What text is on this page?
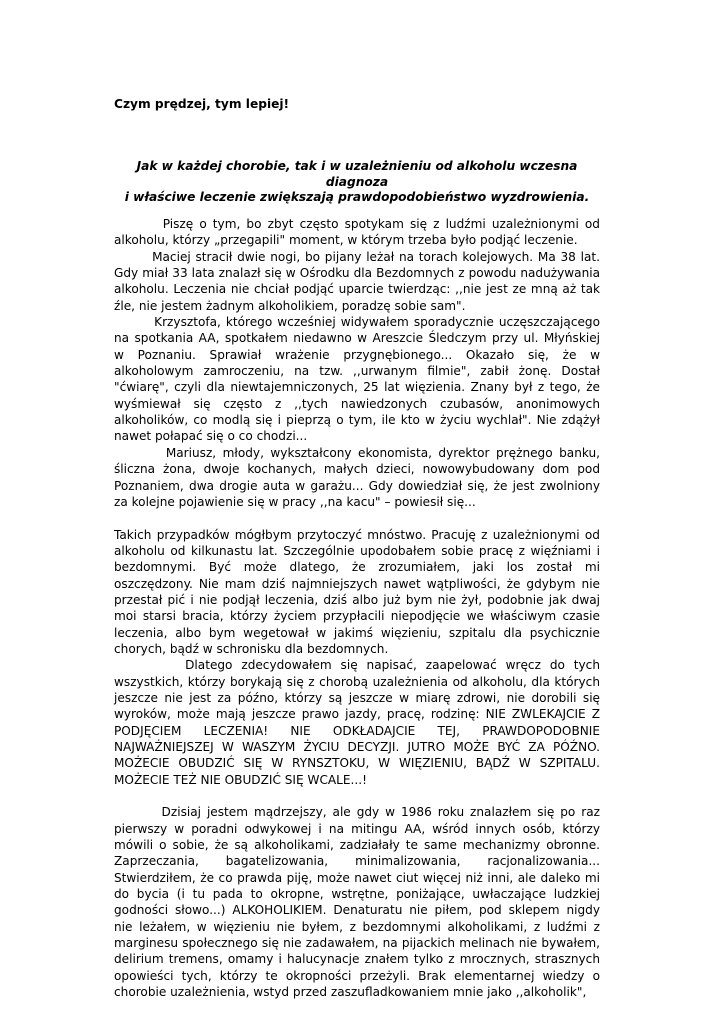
Czym prędzej, tym lepiej!
Jak w każdej chorobie, tak i w uzależnieniu od alkoholu wczesna
diagnoza
i właściwe leczenie zwiększają prawdopodobieństwo wyzdrowienia.
Piszę o tym, bo zbyt często spotykam się z ludźmi uzależnionymi od
alkoholu, którzy „przegapili" moment, w którym trzeba było podjąć leczenie.
Maciej stracił dwie nogi, bo pijany leżał na torach kolejowych. Ma 38 lat.
Gdy miał 33 lata znalazł się w Ośrodku dla Bezdomnych z powodu nadużywania
alkoholu. Leczenia nie chciał podjąć uparcie twierdząc: ,,nie jest ze mną aż tak
źle, nie jestem żadnym alkoholikiem, poradzę sobie sam".
Krzysztofa, którego wcześniej widywałem sporadycznie uczęszczającego
na spotkania AA, spotkałem niedawno w Areszcie Śledczym przy ul. Młyńskiej
w Poznaniu. Sprawiał wrażenie przygnębionego... Okazało się, że w
alkoholowym zamroczeniu, na tzw. ,,urwanym filmie", zabił żonę. Dostał
"ćwiarę", czyli dla niewtajemniczonych, 25 lat więzienia. Znany był z tego, że
wyśmiewał się często z ,,tych nawiedzonych czubasów, anonimowych
alkoholików, co modlą się i pieprzą o tym, ile kto w życiu wychlał". Nie zdążył
nawet połapać się o co chodzi...
Mariusz, młody, wykształcony ekonomista, dyrektor prężnego banku,
śliczna żona, dwoje kochanych, małych dzieci, nowowybudowany dom pod
Poznaniem, dwa drogie auta w garażu... Gdy dowiedział się, że jest zwolniony
za kolejne pojawienie się w pracy ,,na kacu" – powiesił się...
Takich przypadków mógłbym przytoczyć mnóstwo. Pracuję z uzależnionymi od
alkoholu od kilkunastu lat. Szczególnie upodobałem sobie pracę z więźniami i
bezdomnymi. Być może dlatego, że zrozumiałem, jaki los został mi
oszczędzony. Nie mam dziś najmniejszych nawet wątpliwości, że gdybym nie
przestał pić i nie podjął leczenia, dziś albo już bym nie żył, podobnie jak dwaj
moi starsi bracia, którzy życiem przypłacili niepodjęcie we właściwym czasie
leczenia, albo bym wegetował w jakimś więzieniu, szpitalu dla psychicznie
chorych, bądź w schronisku dla bezdomnych.
Dlatego zdecydowałem się napisać, zaapelować wręcz do tych
wszystkich, którzy borykają się z chorobą uzależnienia od alkoholu, dla których
jeszcze nie jest za późno, którzy są jeszcze w miarę zdrowi, nie dorobili się
wyroków, może mają jeszcze prawo jazdy, pracę, rodzinę: NIE ZWLEKAJCIE Z
PODJĘCIEM LECZENIA! NIE ODKŁADAJCIE TEJ, PRAWDOPODOBNIE
NAJWAŻNIEJSZEJ W WASZYM ŻYCIU DECYZJI. JUTRO MOŻE BYĆ ZA PÓŹNO.
MOŻECIE OBUDZIĆ SIĘ W RYNSZTOKU, W WIĘZIENIU, BĄDŹ W SZPITALU.
MOŻECIE TEŻ NIE OBUDZIĆ SIĘ WCALE...!
Dzisiaj jestem mądrzejszy, ale gdy w 1986 roku znalazłem się po raz
pierwszy w poradni odwykowej i na mitingu AA, wśród innych osób, którzy
mówili o sobie, że są alkoholikami, zadziałały te same mechanizmy obronne.
Zaprzeczania, bagatelizowania, minimalizowania, racjonalizowania...
Stwierdziłem, że co prawda piję, może nawet ciut więcej niż inni, ale daleko mi
do bycia (i tu pada to okropne, wstrętne, poniżające, uwłaczające ludzkiej
godności słowo...) ALKOHOLIKIEM. Denaturatu nie piłem, pod sklepem nigdy
nie leżałem, w więzieniu nie byłem, z bezdomnymi alkoholikami, z ludźmi z
marginesu społecznego się nie zadawałem, na pijackich melinach nie bywałem,
delirium tremens, omamy i halucynacje znałem tylko z mrocznych, strasznych
opowieści tych, którzy te okropności przeżyli. Brak elementarnej wiedzy o
chorobie uzależnienia, wstyd przed zaszufladkowaniem mnie jako ,,alkoholik",
